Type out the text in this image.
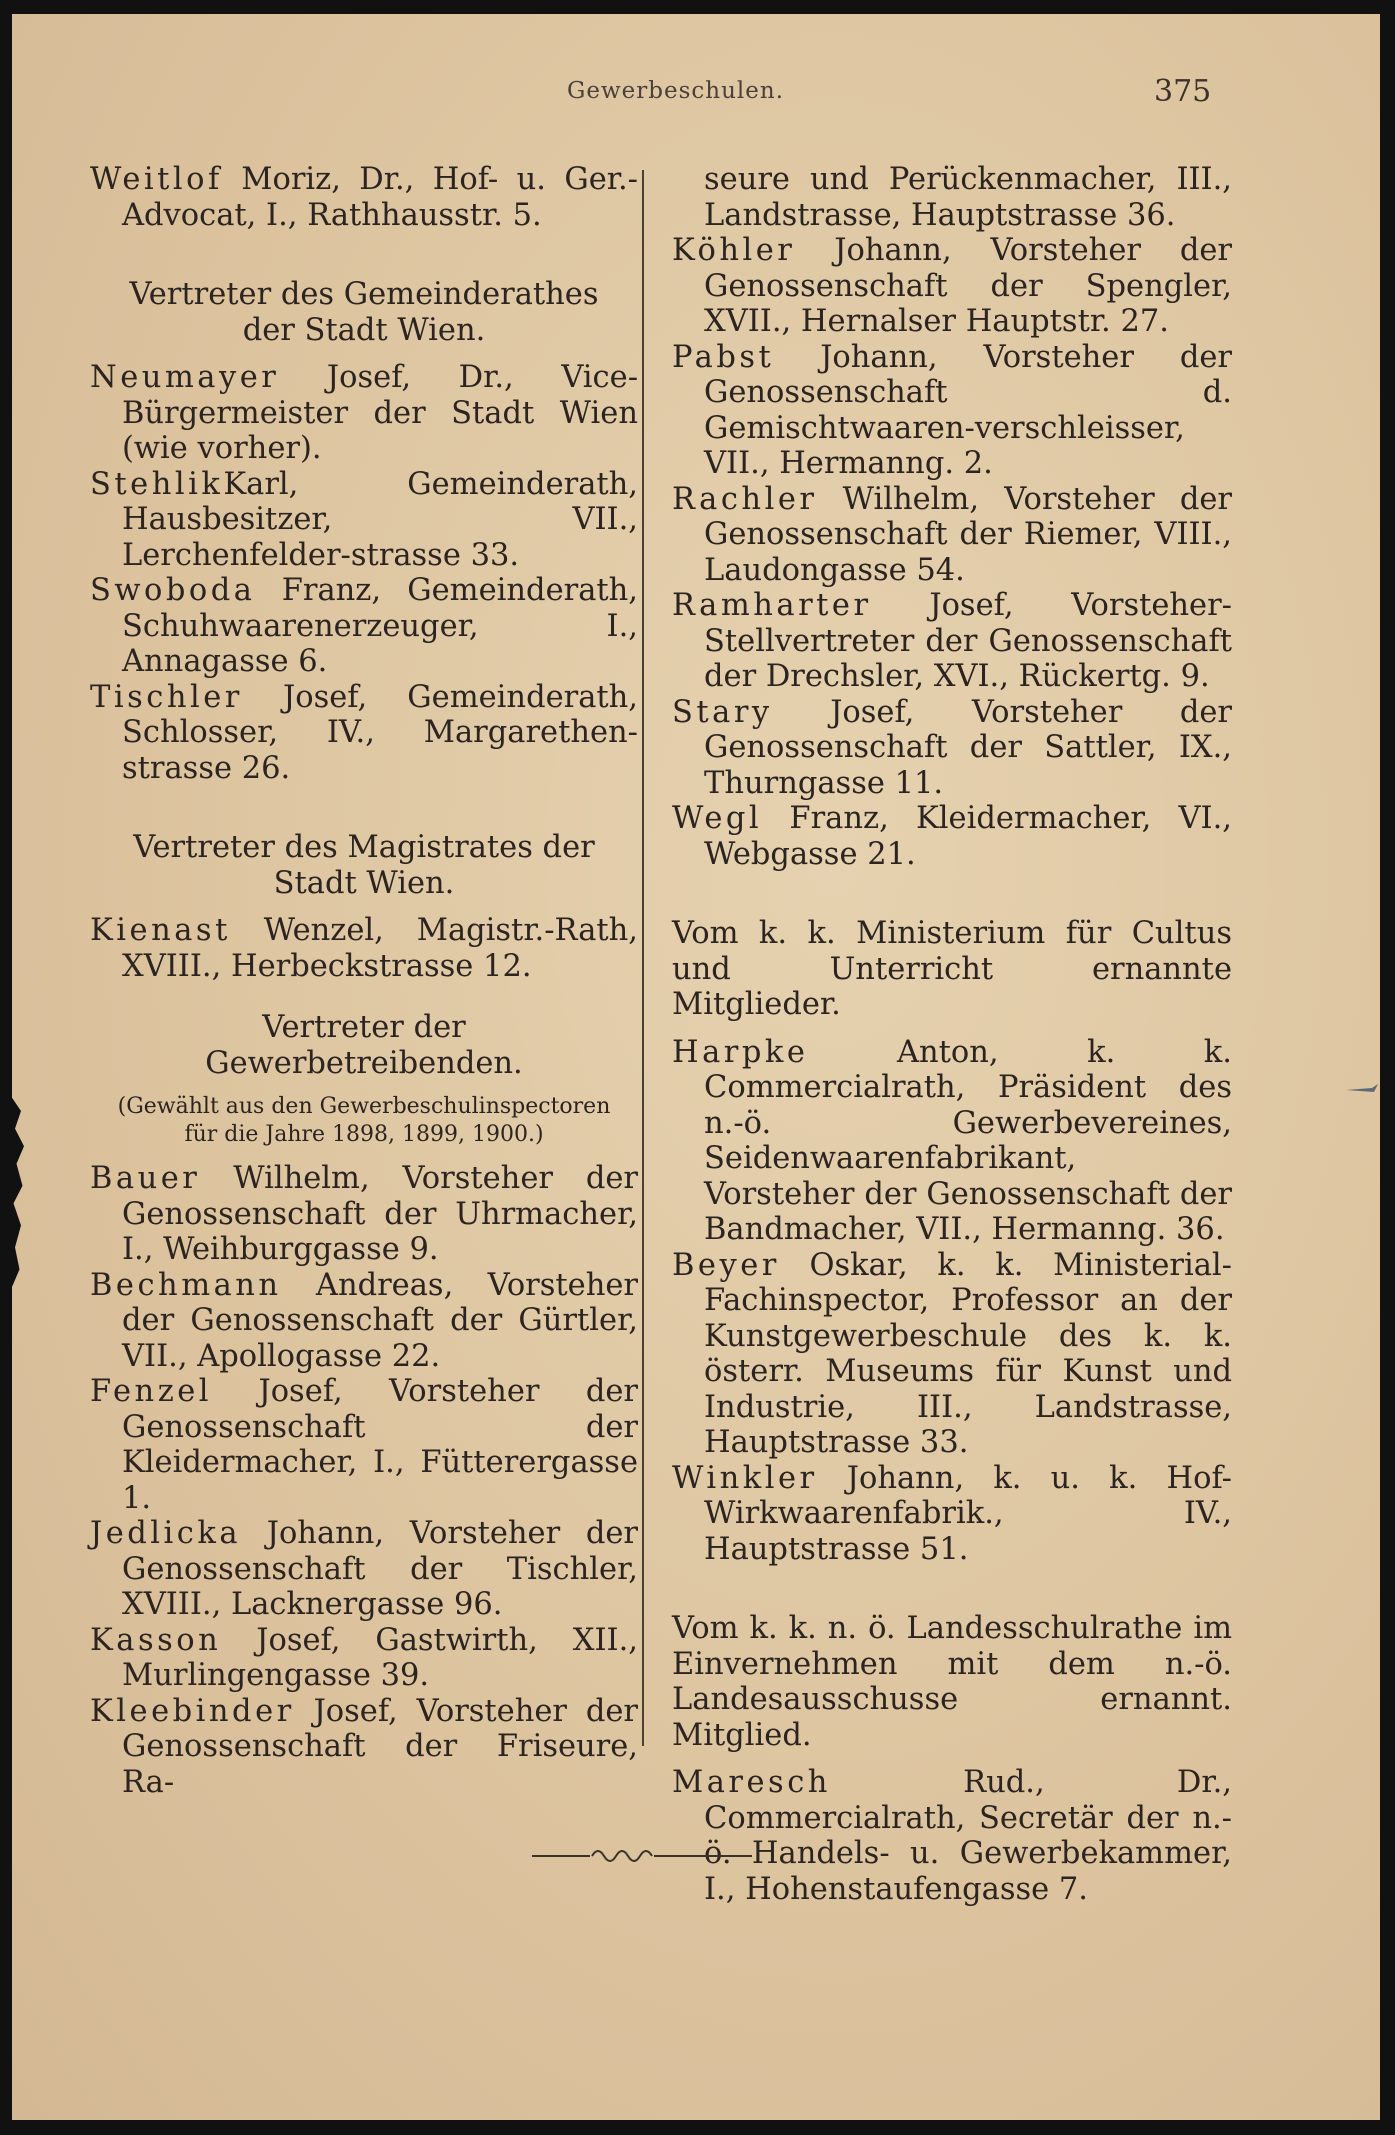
Gewerbeschulen.	375

Weitlof Moriz, Dr., Hof- u. Ger.-Advocat, I., Rathhausstr. 5.

Vertreter des Gemeinderathes der Stadt Wien.

Neumayer Josef, Dr., Vice-Bürgermeister der Stadt Wien (wie vorher).

StehlikKarl, Gemeinderath, Hausbesitzer, VII., Lerchenfelder-strasse 33.

Swoboda Franz, Gemeinderath, Schuhwaarenerzeuger, I., Annagasse 6.

Tischler Josef, Gemeinderath, Schlosser, IV., Margarethen-strasse 26.

Vertreter des Magistrates der Stadt Wien.

Kienast Wenzel, Magistr.-Rath, XVIII., Herbeckstrasse 12.

Vertreter der Gewerbetreibenden.

(Gewählt aus den Gewerbeschulinspectoren für die Jahre 1898, 1899, 1900.)

Bauer Wilhelm, Vorsteher der Genossenschaft der Uhrmacher, I., Weihburggasse 9.

Bechmann Andreas, Vorsteher der Genossenschaft der Gürtler, VII., Apollogasse 22.

Fenzel Josef, Vorsteher der Genossenschaft der Kleidermacher, I., Fütterergasse 1.

Jedlicka Johann, Vorsteher der Genossenschaft der Tischler, XVIII., Lacknergasse 96.

Kasson Josef, Gastwirth, XII., Murlingengasse 39.

Kleebinder Josef, Vorsteher der Genossenschaft der Friseure, Ra-

seure und Perückenmacher, III., Landstrasse, Hauptstrasse 36.

Köhler Johann, Vorsteher der Genossenschaft der Spengler, XVII., Hernalser Hauptstr. 27.

Pabst Johann, Vorsteher der Genossenschaft d. Gemischtwaaren-verschleisser, VII., Hermanng. 2.

Rachler Wilhelm, Vorsteher der Genossenschaft der Riemer, VIII., Laudongasse 54.

Ramharter Josef, Vorsteher-Stellvertreter der Genossenschaft der Drechsler, XVI., Rückertg. 9.

Stary Josef, Vorsteher der Genossenschaft der Sattler, IX., Thurngasse 11.

Wegl Franz, Kleidermacher, VI., Webgasse 21.

Vom k. k. Ministerium für Cultus und Unterricht ernannte Mitglieder.

Harpke Anton, k. k. Commercialrath, Präsident des n.-ö. Gewerbevereines, Seidenwaarenfabrikant, Vorsteher der Genossenschaft der Bandmacher, VII., Hermanng. 36.

Beyer Oskar, k. k. Ministerial-Fachinspector, Professor an der Kunstgewerbeschule des k. k. österr. Museums für Kunst und Industrie, III., Landstrasse, Hauptstrasse 33.

Winkler Johann, k. u. k. Hof-Wirkwaarenfabrik., IV., Hauptstrasse 51.

Vom k. k. n. ö. Landesschulrathe im Einvernehmen mit dem n.-ö. Landesausschusse ernannt. Mitglied.

Maresch Rud., Dr., Commercialrath, Secretär der n.-ö. Handels- u. Gewerbekammer, I., Hohenstaufengasse 7.
